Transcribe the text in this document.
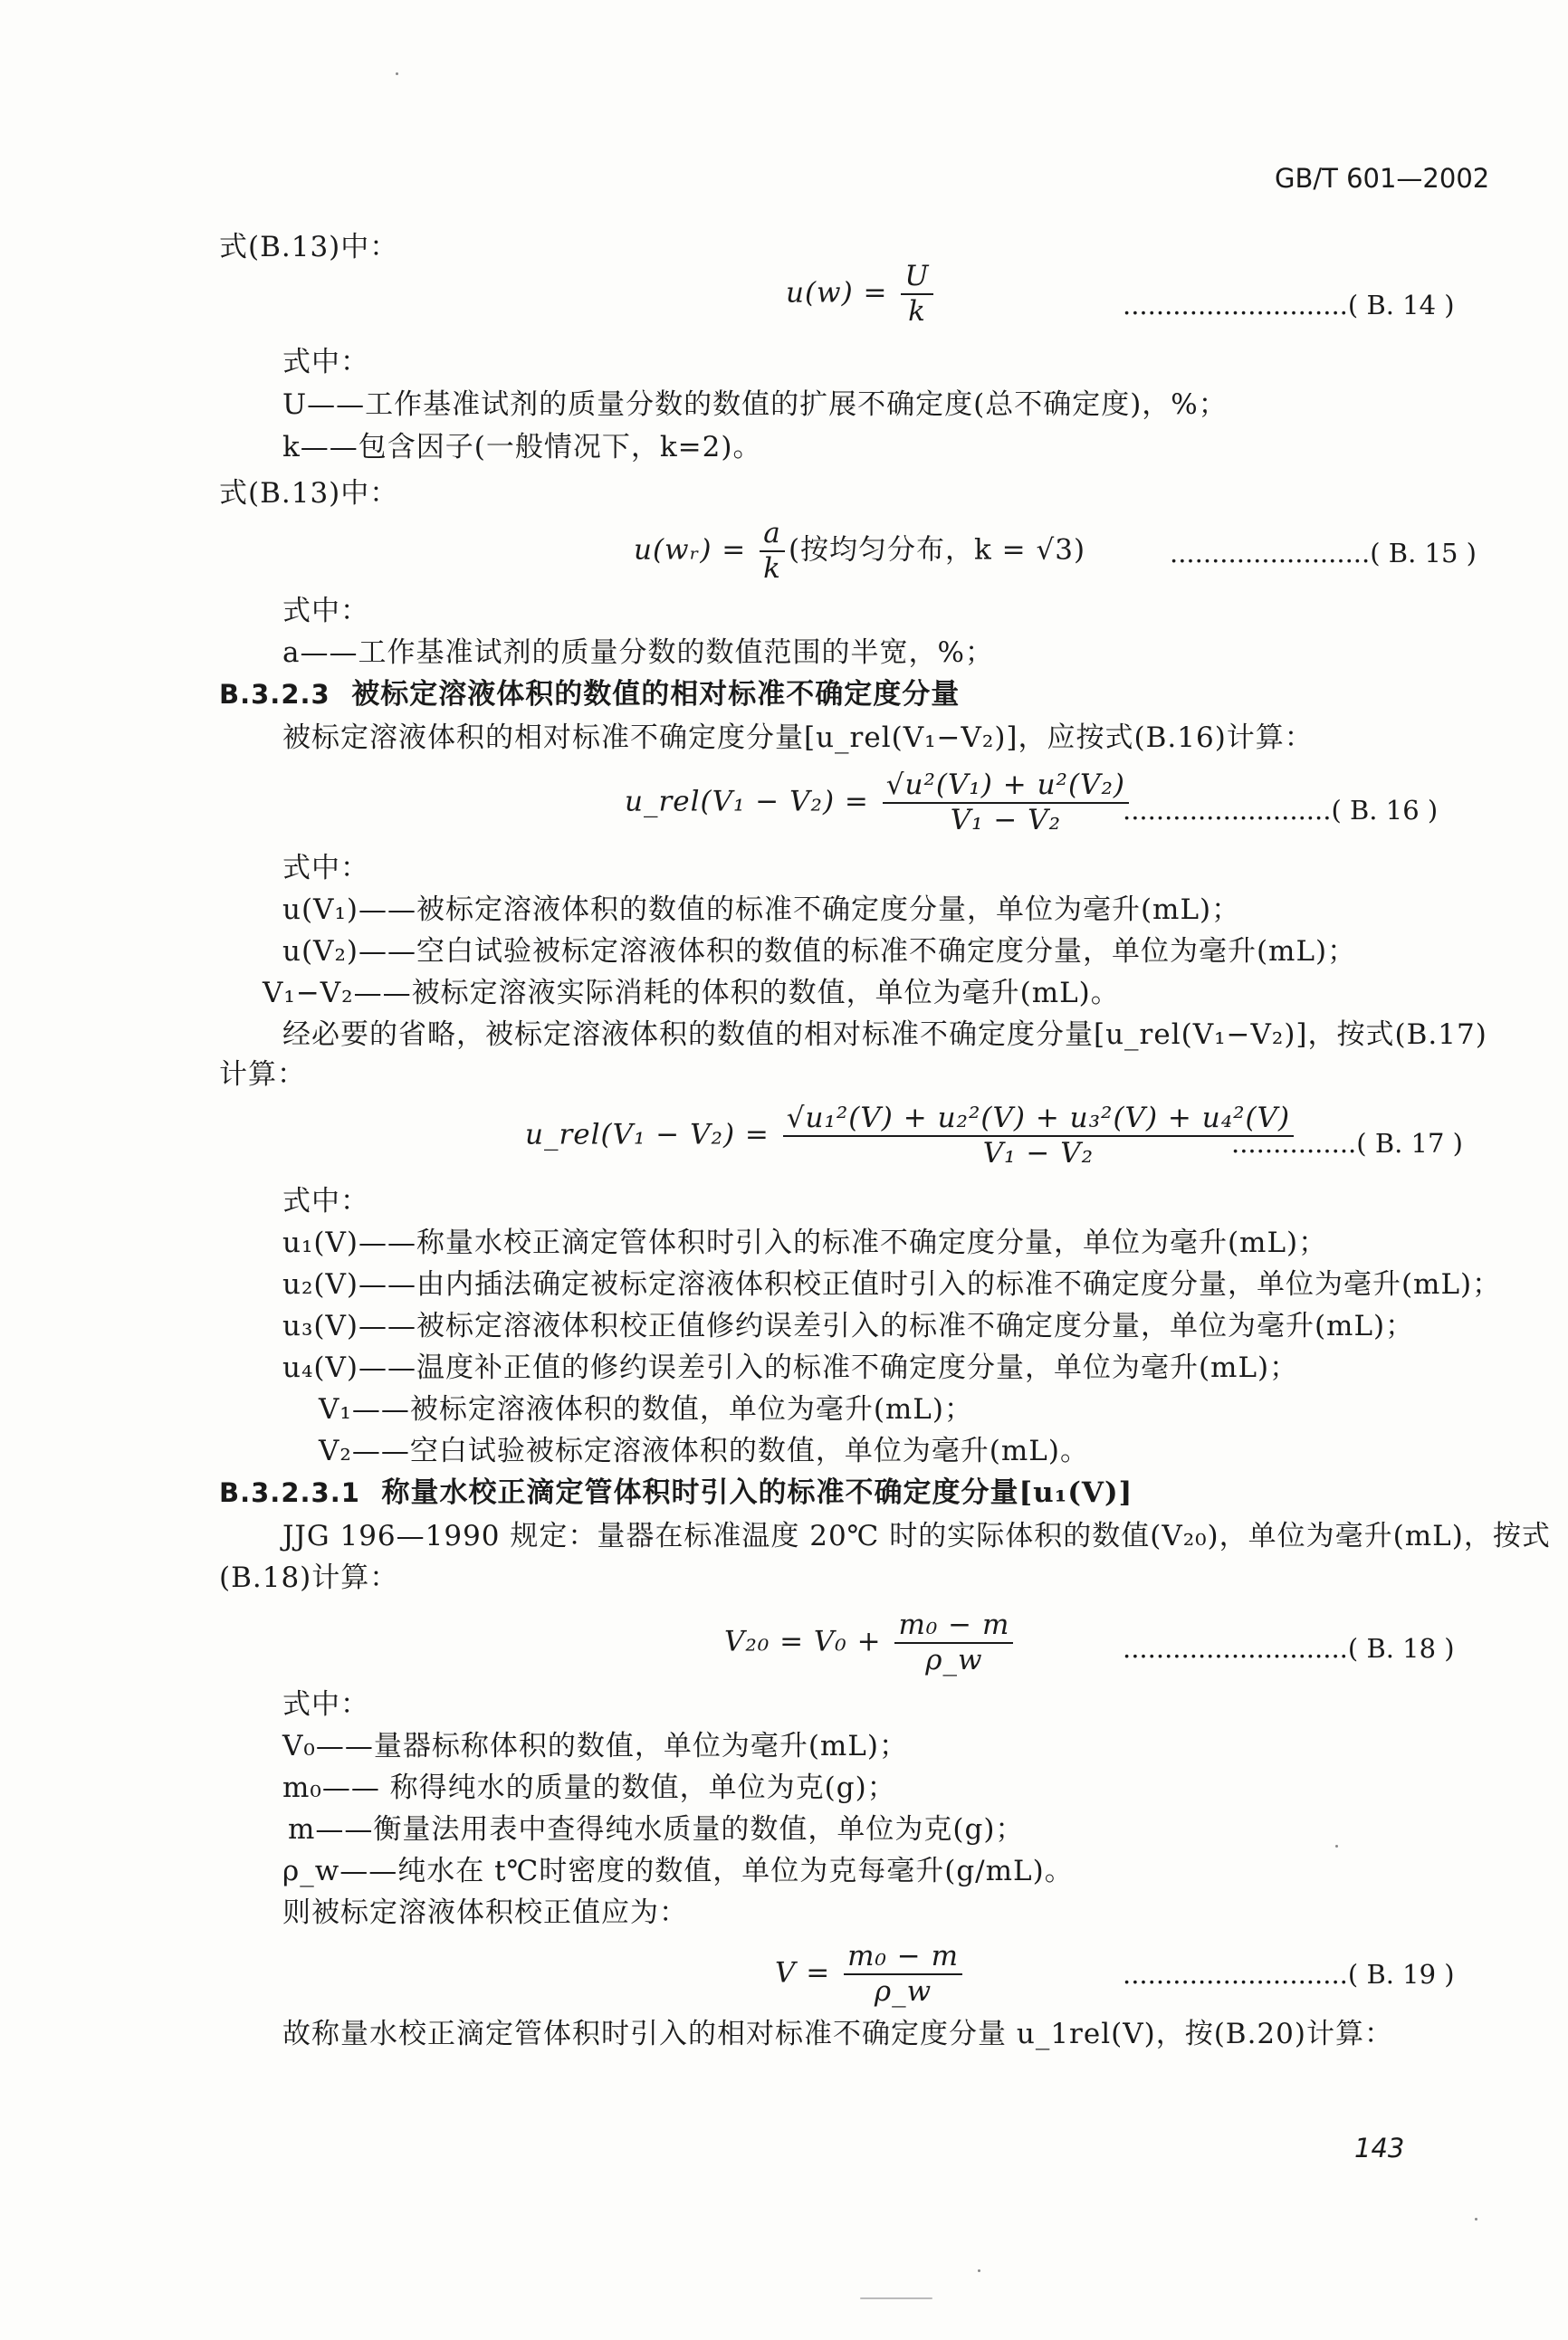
GB/T 601—2002
式(B.13)中：
$u(w) = \frac{U}{k}$	...........................( B. 14 )
式中：
U——工作基准试剂的质量分数的数值的扩展不确定度(总不确定度)，%；
k——包含因子(一般情况下，k=2)。
式(B.13)中：
u(wᵣ) = $\frac{a}{k}$ (按均匀分布，k = √3)	........................( B. 15 )
式中：
a——工作基准试剂的质量分数的数值范围的半宽，%；
B.3.2.3 被标定溶液体积的数值的相对标准不确定度分量
被标定溶液体积的相对标准不确定度分量[u_rel(V₁−V₂)]，应按式(B.16)计算：
u_rel(V₁ − $V_2) = \frac{\text{√u²(V₁) + u²(V₂)}}{\text{V₁ − V₂}}$
.........................( B. 16 )
式中：
u(V₁)——被标定溶液体积的数值的标准不确定度分量，单位为毫升(mL)；
u(V₂)——空白试验被标定溶液体积的数值的标准不确定度分量，单位为毫升(mL)；
V₁−V₂——被标定溶液实际消耗的体积的数值，单位为毫升(mL)。
经必要的省略，被标定溶液体积的数值的相对标准不确定度分量[u_rel(V₁−V₂)]，按式(B.17)
计算：
u_rel(V₁ − $V_2) = \frac{\text{√u₁²(V) + u₂²(V) + u₃²(V) + u₄²(V)}}{\text{V₁ − V₂}}$
...............( B. 17 )
式中：
u₁(V)——称量水校正滴定管体积时引入的标准不确定度分量，单位为毫升(mL)；
u₂(V)——由内插法确定被标定溶液体积校正值时引入的标准不确定度分量，单位为毫升(mL)；
u₃(V)——被标定溶液体积校正值修约误差引入的标准不确定度分量，单位为毫升(mL)；
u₄(V)——温度补正值的修约误差引入的标准不确定度分量，单位为毫升(mL)；
V₁——被标定溶液体积的数值，单位为毫升(mL)；
V₂——空白试验被标定溶液体积的数值，单位为毫升(mL)。
B.3.2.3.1 称量水校正滴定管体积时引入的标准不确定度分量[u₁(V)]
JJG 196—1990 规定：量器在标准温度 20℃ 时的实际体积的数值(V₂₀)，单位为毫升(mL)，按式
(B.18)计算：
$V_{20} = V_0 + \frac{\text{m₀ − m}}{\rho\_w}$	...........................( B. 18 )
式中：
V₀——量器标称体积的数值，单位为毫升(mL)；
m₀—— 称得纯水的质量的数值，单位为克(g)；
m——衡量法用表中查得纯水质量的数值，单位为克(g)；
ρ_w——纯水在 t℃时密度的数值，单位为克每毫升(g/mL)。
则被标定溶液体积校正值应为：
$V = \frac{\text{m₀ − m}}{\rho\_w}$	...........................( B. 19 )
故称量水校正滴定管体积时引入的相对标准不确定度分量 u_1rel(V)，按(B.20)计算：
143
